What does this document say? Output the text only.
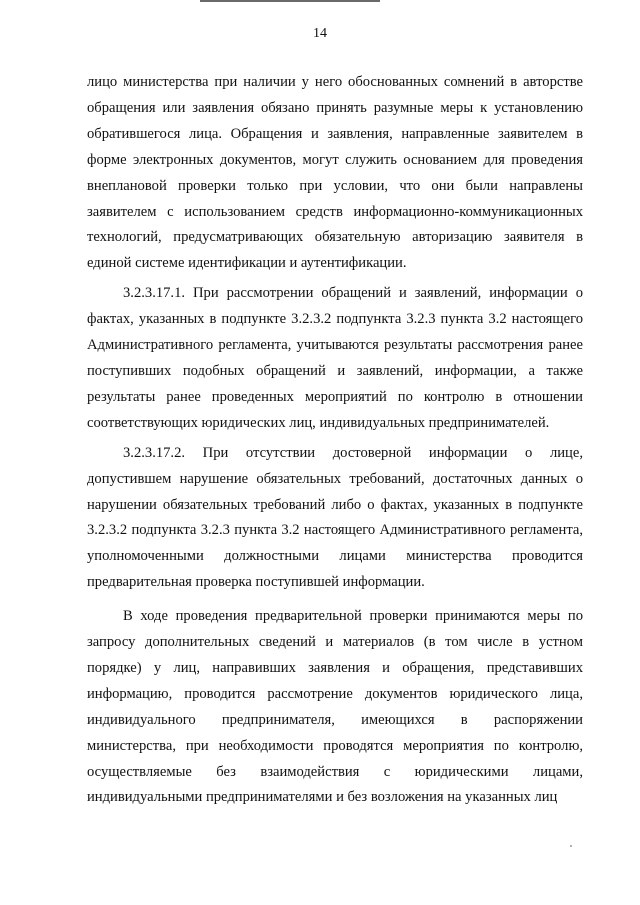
14

лицо министерства при наличии у него обоснованных сомнений в авторстве обращения или заявления обязано принять разумные меры к установлению обратившегося лица. Обращения и заявления, направленные заявителем в форме электронных документов, могут служить основанием для проведения внеплановой проверки только при условии, что они были направлены заявителем с использованием средств информационно-коммуникационных технологий, предусматривающих обязательную авторизацию заявителя в единой системе идентификации и аутентификации.

3.2.3.17.1. При рассмотрении обращений и заявлений, информации о фактах, указанных в подпункте 3.2.3.2 подпункта 3.2.3 пункта 3.2 настоящего Административного регламента, учитываются результаты рассмотрения ранее поступивших подобных обращений и заявлений, информации, а также результаты ранее проведенных мероприятий по контролю в отношении соответствующих юридических лиц, индивидуальных предпринимателей.

3.2.3.17.2. При отсутствии достоверной информации о лице, допустившем нарушение обязательных требований, достаточных данных о нарушении обязательных требований либо о фактах, указанных в подпункте 3.2.3.2 подпункта 3.2.3 пункта 3.2 настоящего Административного регламента, уполномоченными должностными лицами министерства проводится предварительная проверка поступившей информации.

В ходе проведения предварительной проверки принимаются меры по запросу дополнительных сведений и материалов (в том числе в устном порядке) у лиц, направивших заявления и обращения, представивших информацию, проводится рассмотрение документов юридического лица, индивидуального предпринимателя, имеющихся в распоряжении министерства, при необходимости проводятся мероприятия по контролю, осуществляемые без взаимодействия с юридическими лицами, индивидуальными предпринимателями и без возложения на указанных лиц
